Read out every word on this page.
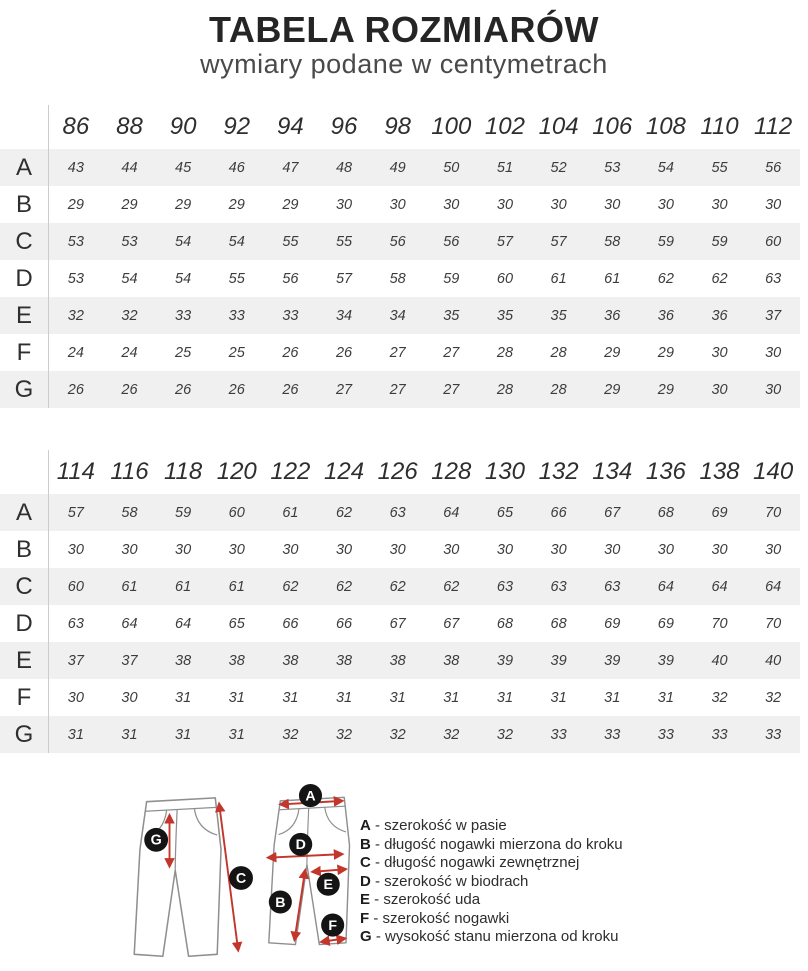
TABELA ROZMIARÓW
wymiary podane w centymetrach
86	88	90	92	94	96	98 100 102 104 106 108 110 112
A	43	44	45	46	47	48	49	50	51	52	53	54	55	56
B	29	29	29	29	29	30	30	30	30	30	30	30	30	30
C	53	53	54	54	55	55	56	56	57	57	58	59	59	60
D	53	54	54	55	56	57	58	59	60	61	61	62	62	63
E	32	32	33	33	33	34	34	35	35	35	36	36	36	37
F	24	24	25	25	26	26	27	27	28	28	29	29	30	30
G	26	26	26	26	26	27	27	27	28	28	29	29	30	30
114 116 118 120 122 124 126 128 130 132 134 136 138 140
A	57	58	59	60	61	62	63	64	65	66	67	68	69	70
B	30	30	30	30	30	30	30	30	30	30	30	30	30	30
C	60	61	61	61	62	62	62	62	63	63	63	64	64	64
D	63	64	64	65	66	66	67	67	68	68	69	69	70	70
E	37	37	38	38	38	38	38	38	39	39	39	39	40	40
F	30	30	31	31	31	31	31	31	31	31	31	31	32	32
G	31	31	31	31	32	32	32	32	32	33	33	33	33	33
G
C
A
D
E
B
F
A - szerokość w pasie
B - długość nogawki mierzona do kroku
C - długość nogawki zewnętrznej
D - szerokość w biodrach
E - szerokość uda
F - szerokość nogawki
G - wysokość stanu mierzona od kroku
